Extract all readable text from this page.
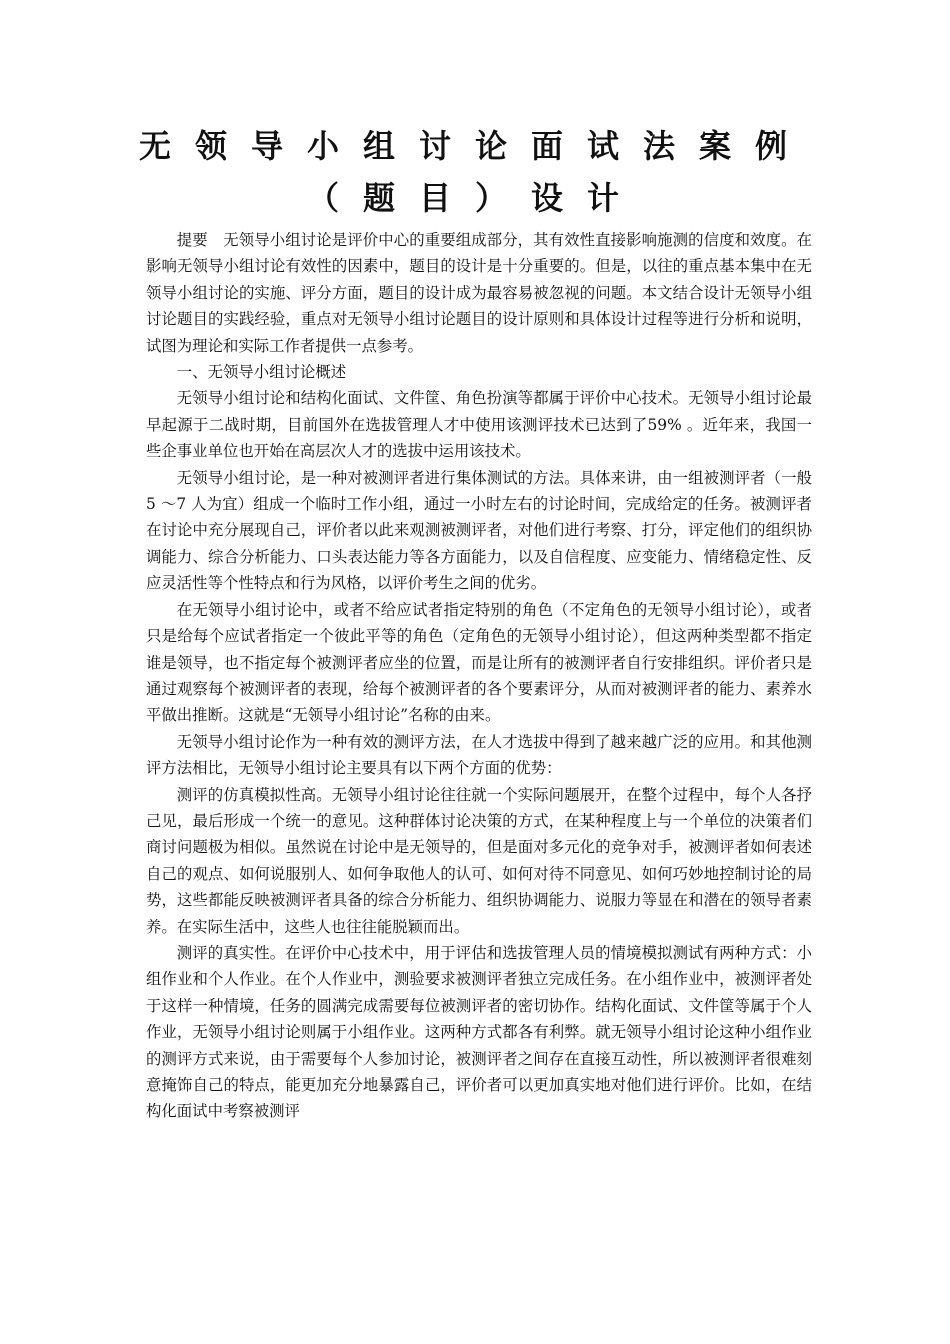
无领导小组讨论面试法案例
（题目）设计

提要　无领导小组讨论是评价中心的重要组成部分，其有效性直接影响施测的信度和效度。在影响无领导小组讨论有效性的因素中，题目的设计是十分重要的。但是，以往的重点基本集中在无领导小组讨论的实施、评分方面，题目的设计成为最容易被忽视的问题。本文结合设计无领导小组讨论题目的实践经验，重点对无领导小组讨论题目的设计原则和具体设计过程等进行分析和说明，试图为理论和实际工作者提供一点参考。

一、无领导小组讨论概述

无领导小组讨论和结构化面试、文件筐、角色扮演等都属于评价中心技术。无领导小组讨论最早起源于二战时期，目前国外在选拔管理人才中使用该测评技术已达到了59% 。近年来，我国一些企事业单位也开始在高层次人才的选拔中运用该技术。

无领导小组讨论，是一种对被测评者进行集体测试的方法。具体来讲，由一组被测评者（一般5 ～7 人为宜）组成一个临时工作小组，通过一小时左右的讨论时间，完成给定的任务。被测评者在讨论中充分展现自己，评价者以此来观测被测评者，对他们进行考察、打分，评定他们的组织协调能力、综合分析能力、口头表达能力等各方面能力，以及自信程度、应变能力、情绪稳定性、反应灵活性等个性特点和行为风格，以评价考生之间的优劣。

在无领导小组讨论中，或者不给应试者指定特别的角色（不定角色的无领导小组讨论），或者只是给每个应试者指定一个彼此平等的角色（定角色的无领导小组讨论），但这两种类型都不指定谁是领导，也不指定每个被测评者应坐的位置，而是让所有的被测评者自行安排组织。评价者只是通过观察每个被测评者的表现，给每个被测评者的各个要素评分，从而对被测评者的能力、素养水平做出推断。这就是“无领导小组讨论”名称的由来。

无领导小组讨论作为一种有效的测评方法，在人才选拔中得到了越来越广泛的应用。和其他测评方法相比，无领导小组讨论主要具有以下两个方面的优势：

测评的仿真模拟性高。无领导小组讨论往往就一个实际问题展开，在整个过程中，每个人各抒己见，最后形成一个统一的意见。这种群体讨论决策的方式，在某种程度上与一个单位的决策者们商讨问题极为相似。虽然说在讨论中是无领导的，但是面对多元化的竞争对手，被测评者如何表述自己的观点、如何说服别人、如何争取他人的认可、如何对待不同意见、如何巧妙地控制讨论的局势，这些都能反映被测评者具备的综合分析能力、组织协调能力、说服力等显在和潜在的领导者素养。在实际生活中，这些人也往往能脱颖而出。

测评的真实性。在评价中心技术中，用于评估和选拔管理人员的情境模拟测试有两种方式：小组作业和个人作业。在个人作业中，测验要求被测评者独立完成任务。在小组作业中，被测评者处于这样一种情境，任务的圆满完成需要每位被测评者的密切协作。结构化面试、文件筐等属于个人作业，无领导小组讨论则属于小组作业。这两种方式都各有利弊。就无领导小组讨论这种小组作业的测评方式来说，由于需要每个人参加讨论，被测评者之间存在直接互动性，所以被测评者很难刻意掩饰自己的特点，能更加充分地暴露自己，评价者可以更加真实地对他们进行评价。比如，在结构化面试中考察被测评
